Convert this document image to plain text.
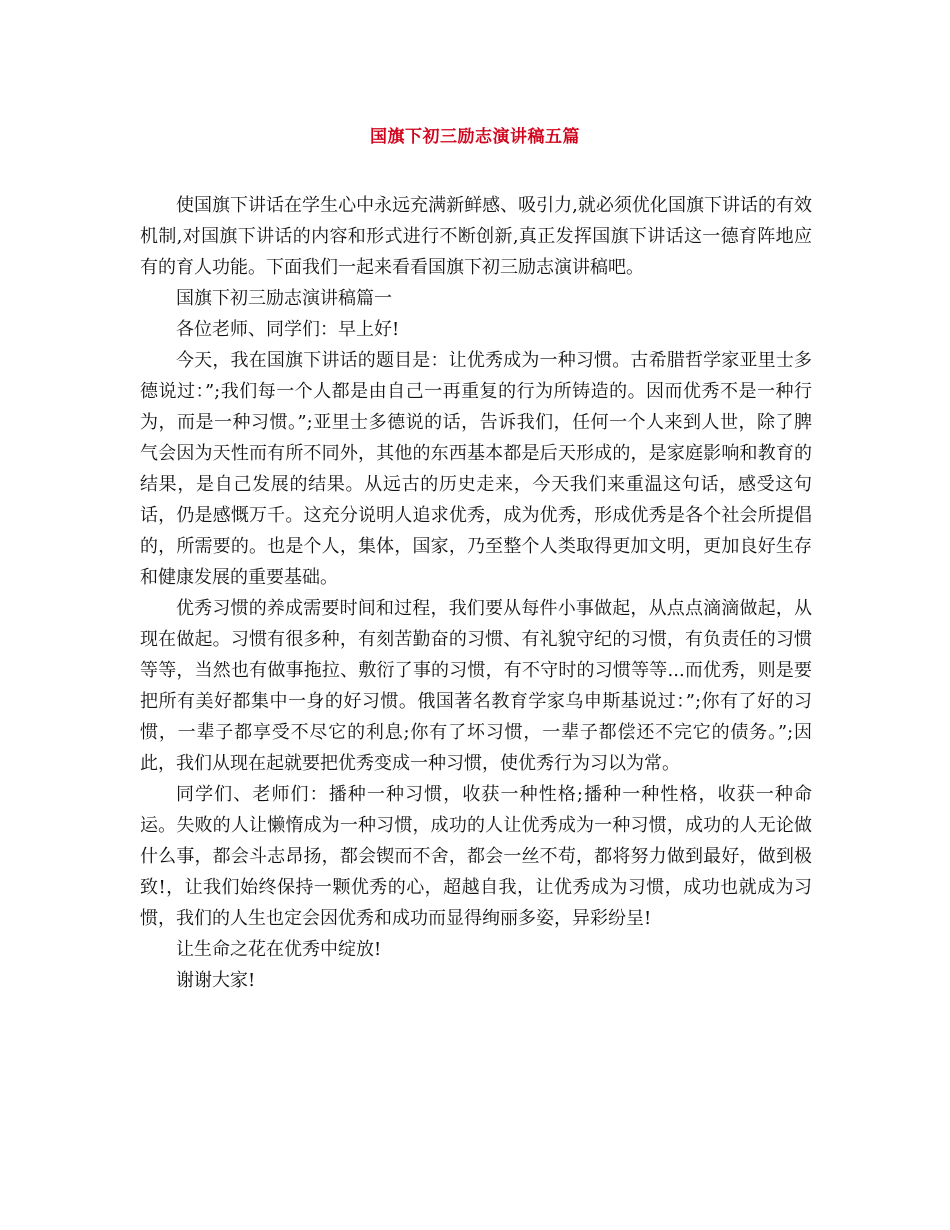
国旗下初三励志演讲稿五篇

使国旗下讲话在学生心中永远充满新鲜感、吸引力,就必须优化国旗下讲话的有效机制,对国旗下讲话的内容和形式进行不断创新,真正发挥国旗下讲话这一德育阵地应有的育人功能。下面我们一起来看看国旗下初三励志演讲稿吧。

国旗下初三励志演讲稿篇一

各位老师、同学们：早上好!

今天，我在国旗下讲话的题目是：让优秀成为一种习惯。古希腊哲学家亚里士多德说过：”;我们每一个人都是由自己一再重复的行为所铸造的。因而优秀不是一种行为，而是一种习惯。”;亚里士多德说的话，告诉我们，任何一个人来到人世，除了脾气会因为天性而有所不同外，其他的东西基本都是后天形成的，是家庭影响和教育的结果，是自己发展的结果。从远古的历史走来，今天我们来重温这句话，感受这句话，仍是感慨万千。这充分说明人追求优秀，成为优秀，形成优秀是各个社会所提倡的，所需要的。也是个人，集体，国家，乃至整个人类取得更加文明，更加良好生存和健康发展的重要基础。

优秀习惯的养成需要时间和过程，我们要从每件小事做起，从点点滴滴做起，从现在做起。习惯有很多种，有刻苦勤奋的习惯、有礼貌守纪的习惯，有负责任的习惯等等，当然也有做事拖拉、敷衍了事的习惯，有不守时的习惯等等...而优秀，则是要把所有美好都集中一身的好习惯。俄国著名教育学家乌申斯基说过：”;你有了好的习惯，一辈子都享受不尽它的利息;你有了坏习惯，一辈子都偿还不完它的债务。”;因此，我们从现在起就要把优秀变成一种习惯，使优秀行为习以为常。

同学们、老师们：播种一种习惯，收获一种性格;播种一种性格，收获一种命运。失败的人让懒惰成为一种习惯，成功的人让优秀成为一种习惯，成功的人无论做什么事，都会斗志昂扬，都会锲而不舍，都会一丝不苟，都将努力做到最好，做到极致!，让我们始终保持一颗优秀的心，超越自我，让优秀成为习惯，成功也就成为习惯，我们的人生也定会因优秀和成功而显得绚丽多姿，异彩纷呈!

让生命之花在优秀中绽放!

谢谢大家!
